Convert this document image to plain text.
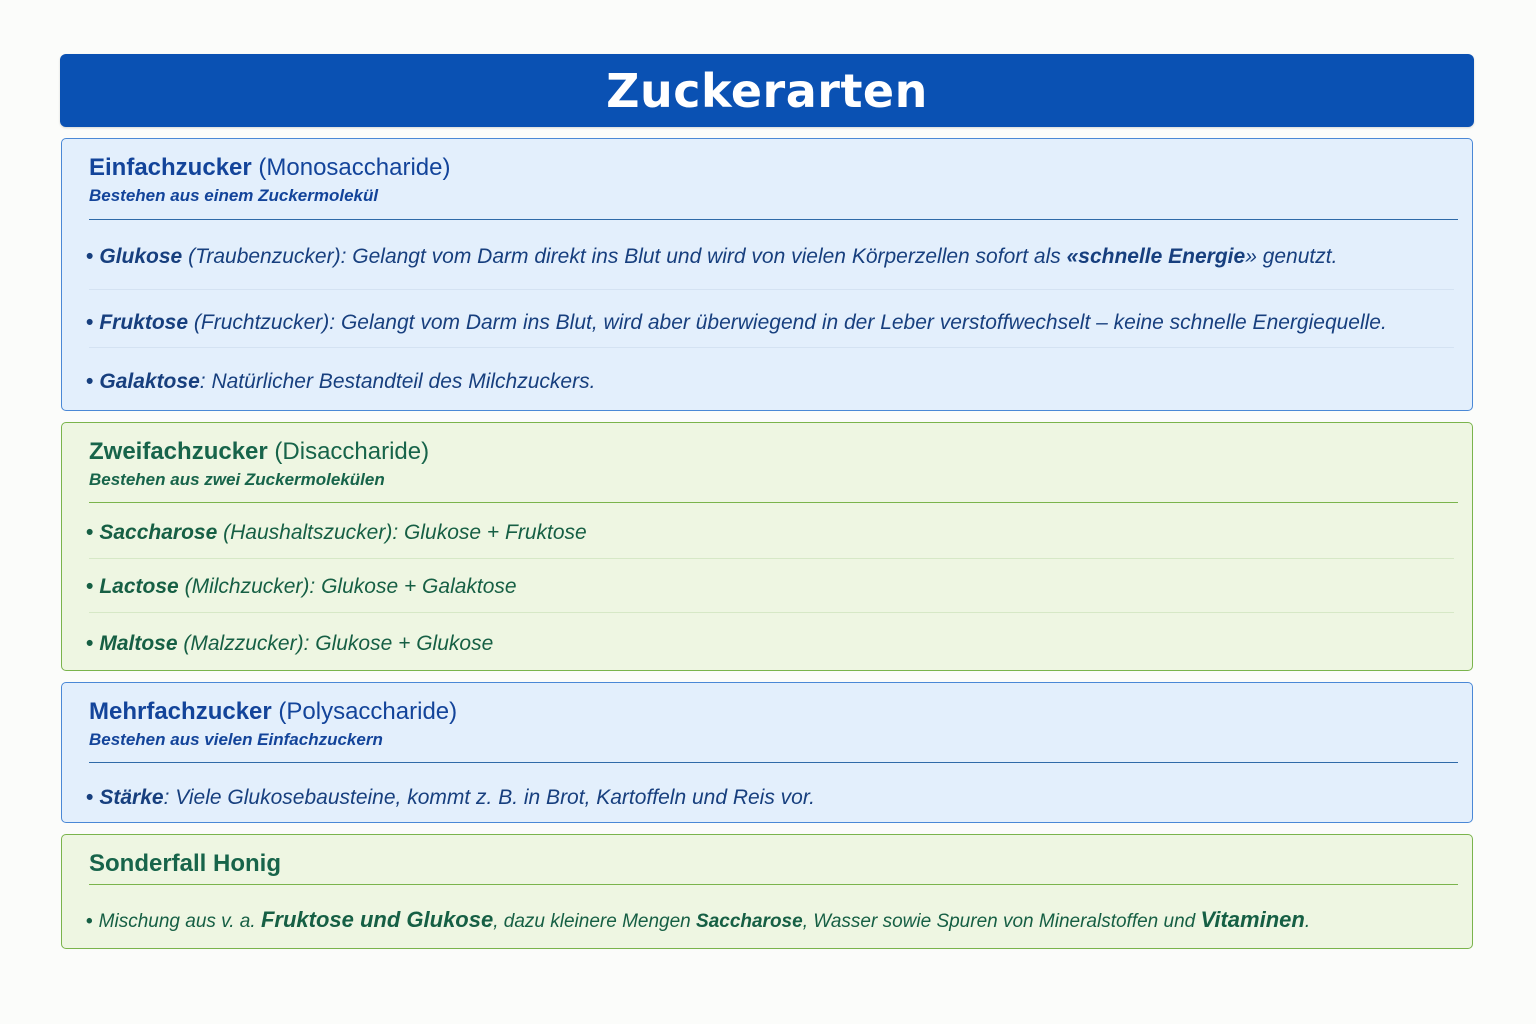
Zuckerarten
Einfachzucker (Monosaccharide)
Bestehen aus einem Zuckermolekül
• Glukose (Traubenzucker): Gelangt vom Darm direkt ins Blut und wird von vielen Körperzellen sofort als «schnelle Energie» genutzt.
• Fruktose (Fruchtzucker): Gelangt vom Darm ins Blut, wird aber überwiegend in der Leber verstoffwechselt – keine schnelle Energiequelle.
• Galaktose: Natürlicher Bestandteil des Milchzuckers.
Zweifachzucker (Disaccharide)
Bestehen aus zwei Zuckermolekülen
• Saccharose (Haushaltszucker): Glukose + Fruktose
• Lactose (Milchzucker): Glukose + Galaktose
• Maltose (Malzzucker): Glukose + Glukose
Mehrfachzucker (Polysaccharide)
Bestehen aus vielen Einfachzuckern
• Stärke: Viele Glukosebausteine, kommt z. B. in Brot, Kartoffeln und Reis vor.
Sonderfall Honig
• Mischung aus v. a. Fruktose und Glukose, dazu kleinere Mengen Saccharose, Wasser sowie Spuren von Mineralstoffen und Vitaminen.
